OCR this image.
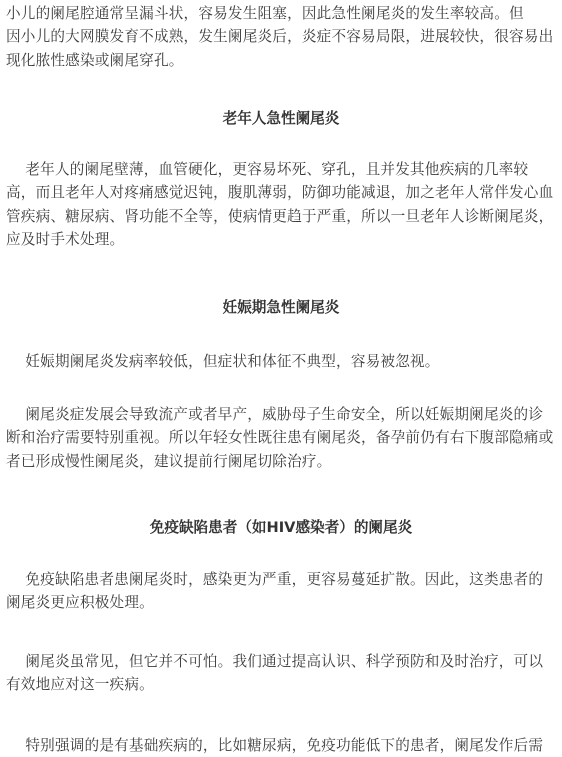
小儿的阑尾腔通常呈漏斗状，容易发生阻塞，因此急性阑尾炎的发生率较高。但
因小儿的大网膜发育不成熟，发生阑尾炎后，炎症不容易局限，进展较快，很容易出
现化脓性感染或阑尾穿孔。

老年人急性阑尾炎

老年人的阑尾壁薄，血管硬化，更容易坏死、穿孔，且并发其他疾病的几率较
高，而且老年人对疼痛感觉迟钝，腹肌薄弱，防御功能减退，加之老年人常伴发心血
管疾病、糖尿病、肾功能不全等，使病情更趋于严重，所以一旦老年人诊断阑尾炎，
应及时手术处理。

妊娠期急性阑尾炎

妊娠期阑尾炎发病率较低，但症状和体征不典型，容易被忽视。

阑尾炎症发展会导致流产或者早产，威胁母子生命安全，所以妊娠期阑尾炎的诊
断和治疗需要特别重视。所以年轻女性既往患有阑尾炎，备孕前仍有右下腹部隐痛或
者已形成慢性阑尾炎，建议提前行阑尾切除治疗。

免疫缺陷患者（如HIV感染者）的阑尾炎

免疫缺陷患者患阑尾炎时，感染更为严重，更容易蔓延扩散。因此，这类患者的
阑尾炎更应积极处理。

阑尾炎虽常见，但它并不可怕。我们通过提高认识、科学预防和及时治疗，可以
有效地应对这一疾病。

特别强调的是有基础疾病的，比如糖尿病，免疫功能低下的患者，阑尾发作后需
